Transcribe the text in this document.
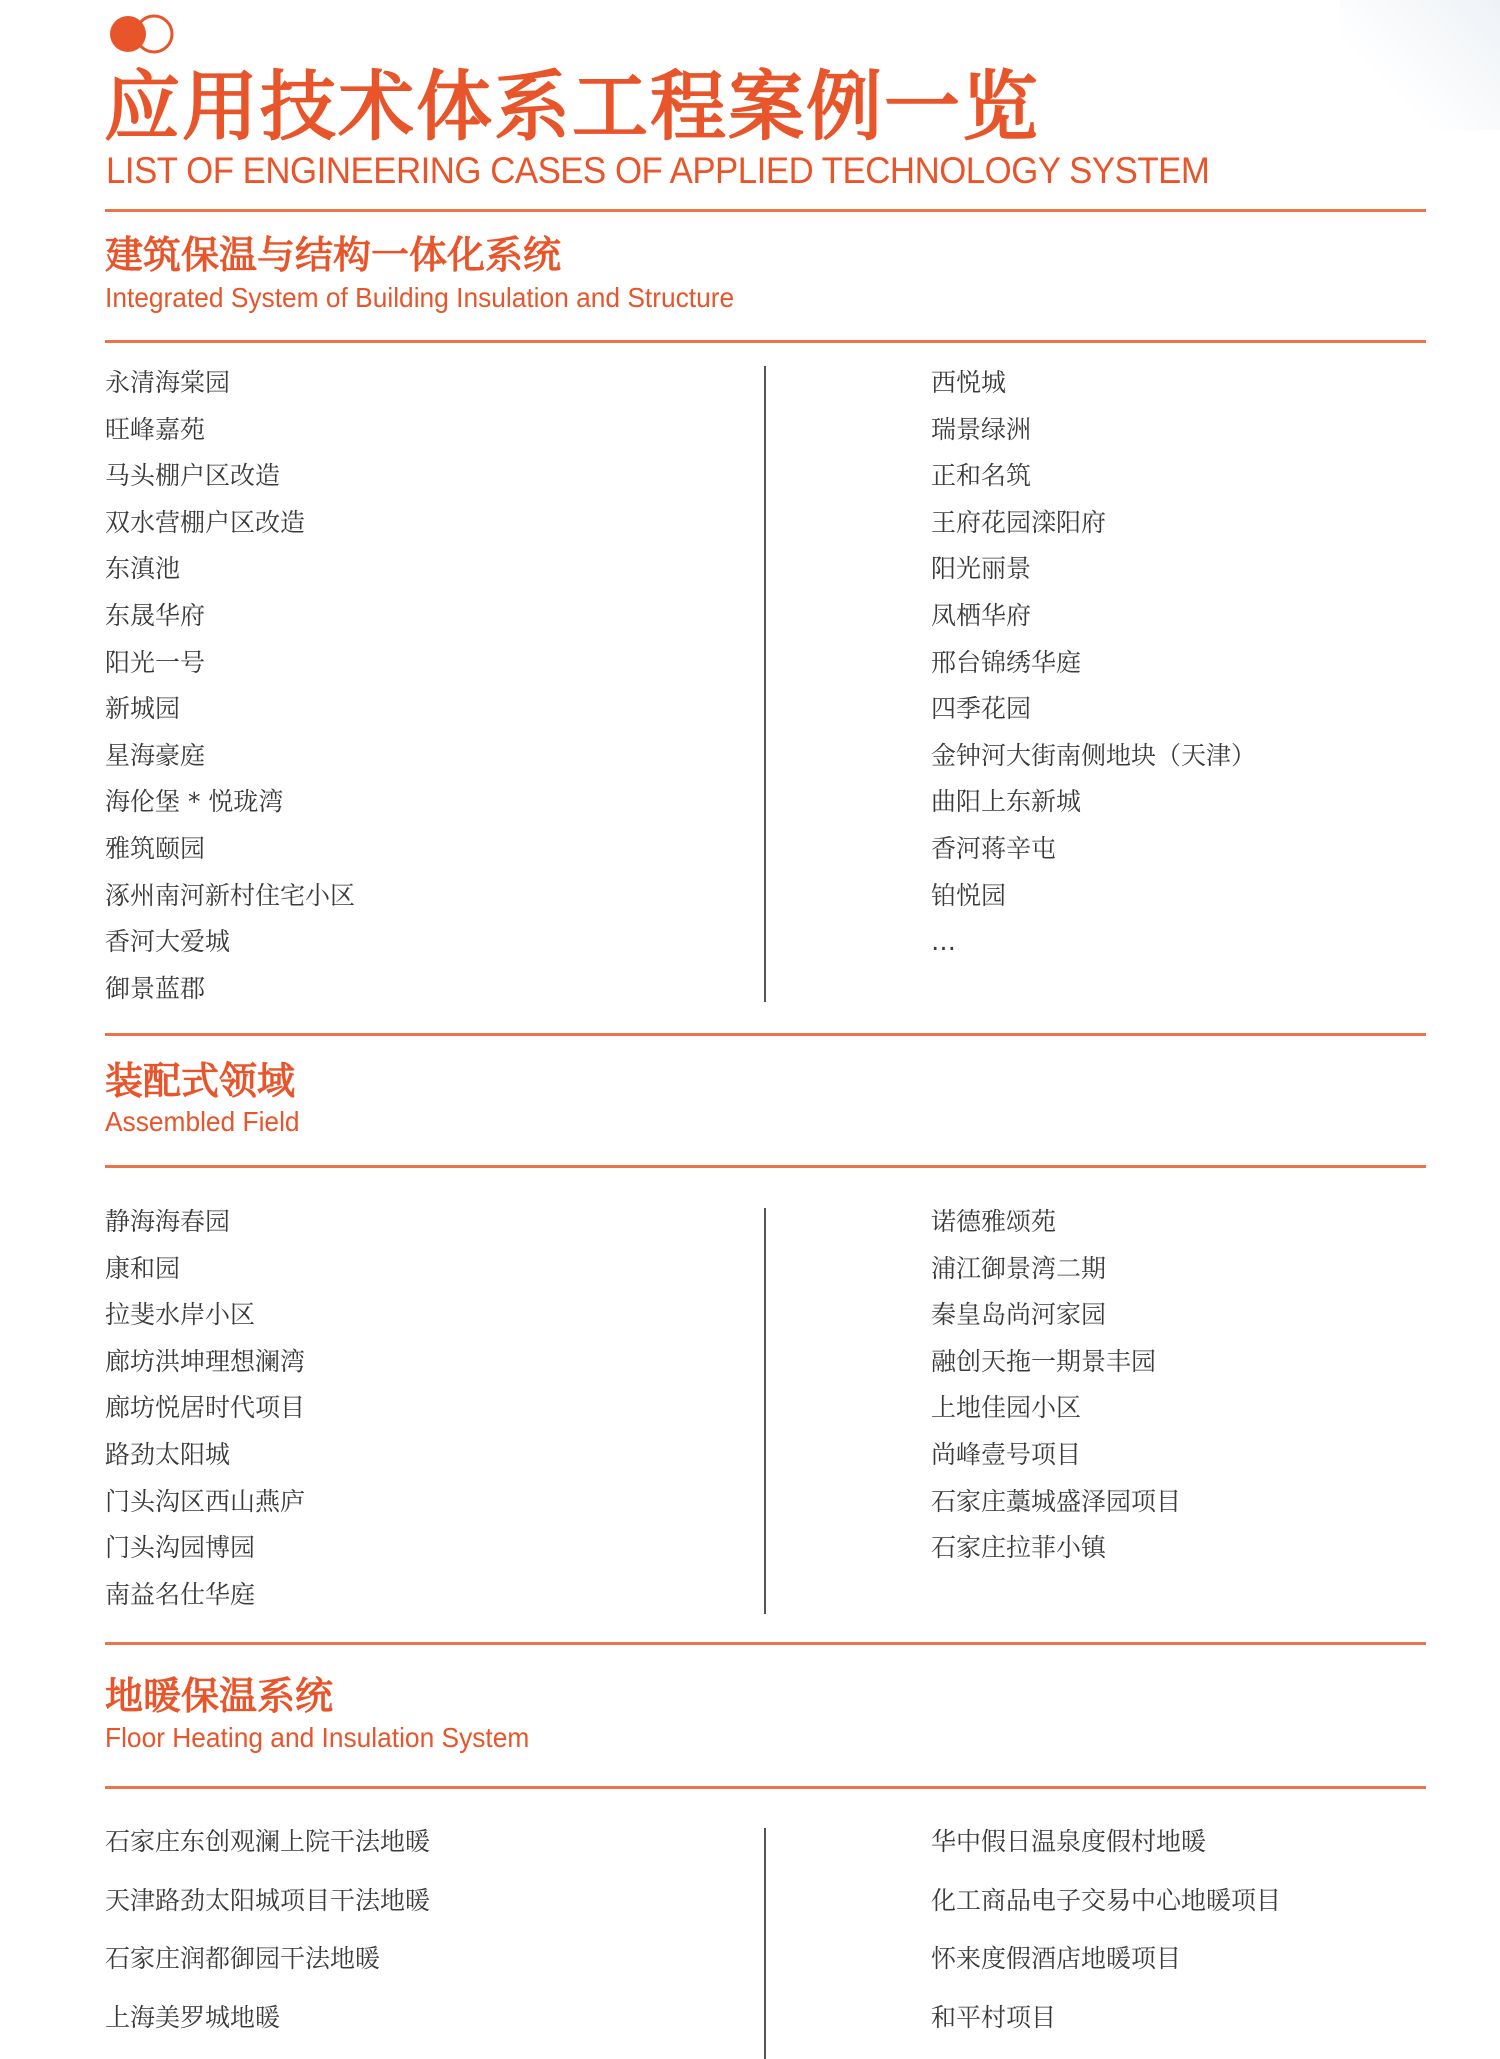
应用技术体系工程案例一览
LIST OF ENGINEERING CASES OF APPLIED TECHNOLOGY SYSTEM
建筑保温与结构一体化系统
Integrated System of Building Insulation and Structure
永清海棠园
旺峰嘉苑
马头棚户区改造
双水营棚户区改造
东滇池
东晟华府
阳光一号
新城园
星海豪庭
海伦堡 * 悦珑湾
雅筑颐园
涿州南河新村住宅小区
香河大爱城
御景蓝郡
西悦城
瑞景绿洲
正和名筑
王府花园滦阳府
阳光丽景
凤栖华府
邢台锦绣华庭
四季花园
金钟河大街南侧地块（天津）
曲阳上东新城
香河蒋辛屯
铂悦园
…
装配式领域
Assembled Field
静海海春园
康和园
拉斐水岸小区
廊坊洪坤理想澜湾
廊坊悦居时代项目
路劲太阳城
门头沟区西山燕庐
门头沟园博园
南益名仕华庭
诺德雅颂苑
浦江御景湾二期
秦皇岛尚河家园
融创天拖一期景丰园
上地佳园小区
尚峰壹号项目
石家庄藁城盛泽园项目
石家庄拉菲小镇
地暖保温系统
Floor Heating and Insulation System
石家庄东创观澜上院干法地暖
天津路劲太阳城项目干法地暖
石家庄润都御园干法地暖
上海美罗城地暖
华中假日温泉度假村地暖
化工商品电子交易中心地暖项目
怀来度假酒店地暖项目
和平村项目
